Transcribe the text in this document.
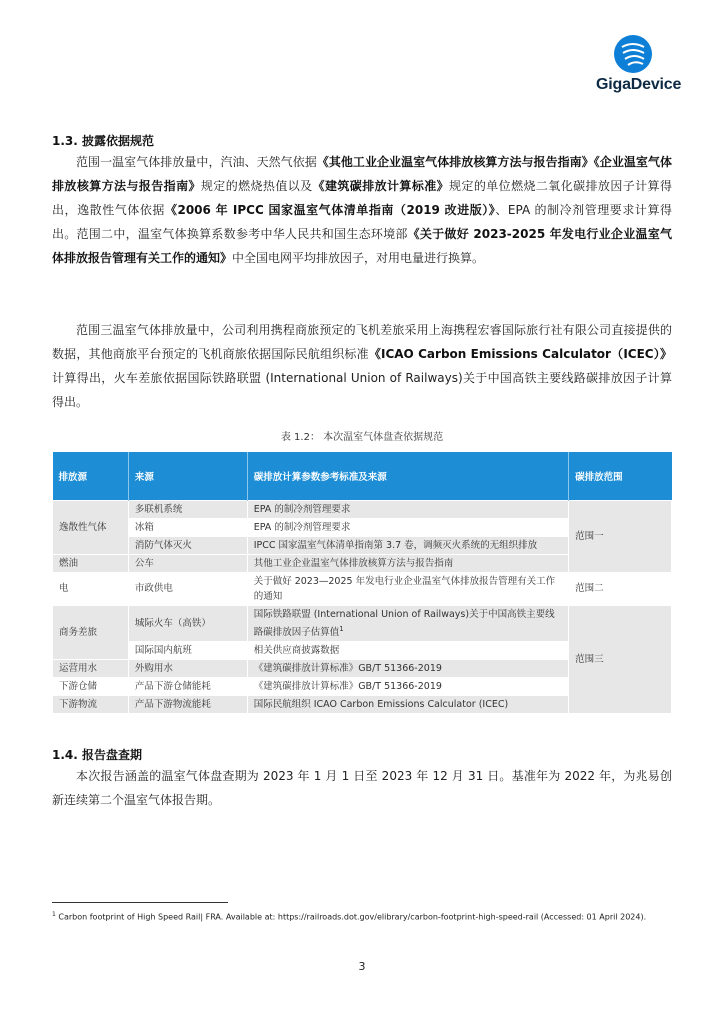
GigaDevice
1.3. 披露依据规范
范围一温室气体排放量中，汽油、天然气依据《其他工业企业温室气体排放核算方法与报告指南》《企业温室气体排放核算方法与报告指南》规定的燃烧热值以及《建筑碳排放计算标准》规定的单位燃烧二氧化碳排放因子计算得出，逸散性气体依据《2006 年 IPCC 国家温室气体清单指南（2019 改进版）》、EPA 的制冷剂管理要求计算得出。范围二中，温室气体换算系数参考中华人民共和国生态环境部《关于做好 2023-2025 年发电行业企业温室气体排放报告管理有关工作的通知》中全国电网平均排放因子，对用电量进行换算。
范围三温室气体排放量中，公司利用携程商旅预定的飞机差旅采用上海携程宏睿国际旅行社有限公司直接提供的数据，其他商旅平台预定的飞机商旅依据国际民航组织标准《ICAO Carbon Emissions Calculator（ICEC）》计算得出，火车差旅依据国际铁路联盟 (International Union of Railways)关于中国高铁主要线路碳排放因子计算得出。
表 1.2： 本次温室气体盘查依据规范
排放源	来源	碳排放计算参数参考标准及来源	碳排放范围
逸散性气体	多联机系统	EPA 的制冷剂管理要求	范围一
	冰箱	EPA 的制冷剂管理要求	
	消防气体灭火	IPCC 国家温室气体清单指南第 3.7 卷，调频灭火系统的无组织排放	
燃油	公车	其他工业企业温室气体排放核算方法与报告指南	
电	市政供电	关于做好 2023—2025 年发电行业企业温室气体排放报告管理有关工作的通知	范围二
商务差旅	城际火车（高铁）	国际铁路联盟 (International Union of Railways)关于中国高铁主要线路碳排放因子估算值$^1$	范围三
	国际国内航班	相关供应商披露数据	
运营用水	外购用水	《建筑碳排放计算标准》GB/T 51366-2019	
下游仓储	产品下游仓储能耗	《建筑碳排放计算标准》GB/T 51366-2019	
下游物流	产品下游物流能耗	国际民航组织 ICAO Carbon Emissions Calculator (ICEC)	
1.4. 报告盘查期
本次报告涵盖的温室气体盘查期为 2023 年 1 月 1 日至 2023 年 12 月 31 日。基准年为 2022 年，为兆易创新连续第二个温室气体报告期。
$^1$ Carbon footprint of High Speed Rail| FRA. Available at: https://railroads.dot.gov/elibrary/carbon-footprint-high-speed-rail (Accessed: 01 April 2024).
3
